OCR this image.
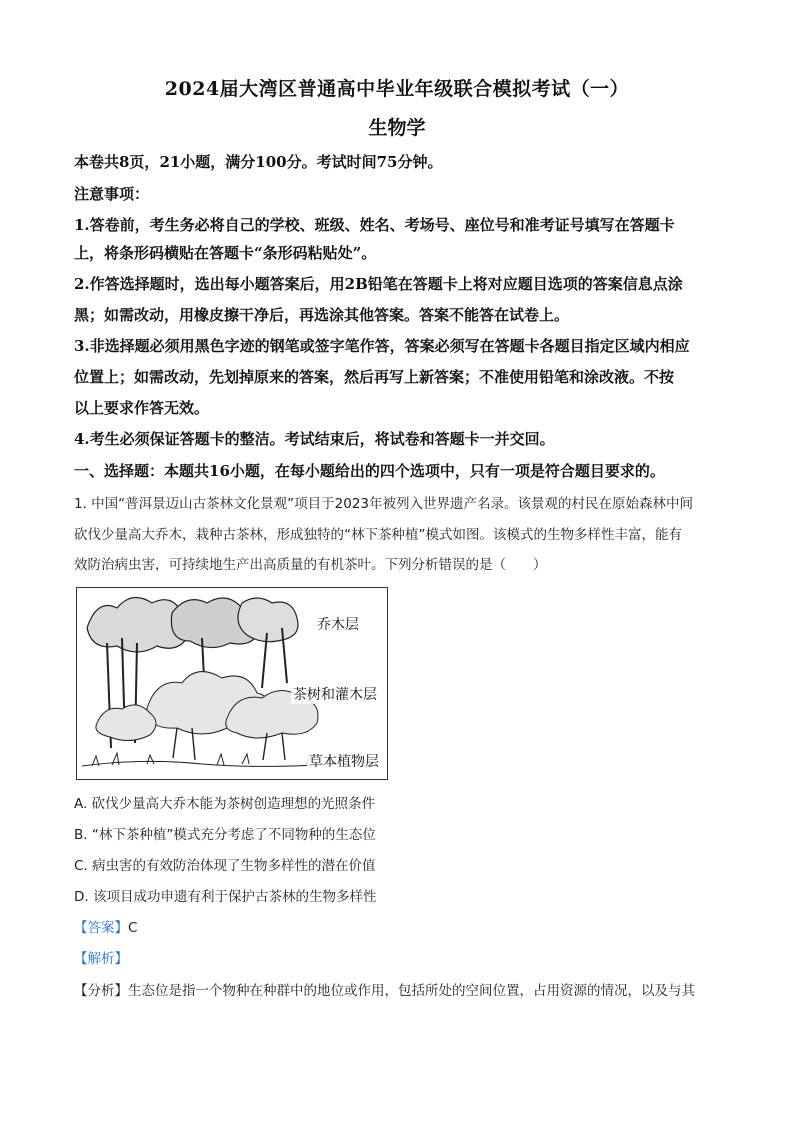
2024届大湾区普通高中毕业年级联合模拟考试（一）
生物学
本卷共8页，21小题，满分100分。考试时间75分钟。
注意事项：
1.答卷前，考生务必将自己的学校、班级、姓名、考场号、座位号和准考证号填写在答题卡
上，将条形码横贴在答题卡“条形码粘贴处”。
2.作答选择题时，选出每小题答案后，用2B铅笔在答题卡上将对应题目选项的答案信息点涂
黑；如需改动，用橡皮擦干净后，再选涂其他答案。答案不能答在试卷上。
3.非选择题必须用黑色字迹的钢笔或签字笔作答，答案必须写在答题卡各题目指定区域内相应
位置上；如需改动，先划掉原来的答案，然后再写上新答案；不准使用铅笔和涂改液。不按
以上要求作答无效。
4.考生必须保证答题卡的整洁。考试结束后，将试卷和答题卡一并交回。
一、选择题：本题共16小题，在每小题给出的四个选项中，只有一项是符合题目要求的。
1. 中国“普洱景迈山古茶林文化景观”项目于2023年被列入世界遗产名录。该景观的村民在原始森林中间
砍伐少量高大乔木，栽种古茶林，形成独特的“林下茶种植”模式如图。该模式的生物多样性丰富，能有
效防治病虫害，可持续地生产出高质量的有机茶叶。下列分析错误的是（　　）
乔木层
茶树和灌木层
草本植物层
A. 砍伐少量高大乔木能为茶树创造理想的光照条件
B. “林下茶种植”模式充分考虑了不同物种的生态位
C. 病虫害的有效防治体现了生物多样性的潜在价值
D. 该项目成功申遗有利于保护古茶林的生物多样性
【答案】C
【解析】
【分析】生态位是指一个物种在种群中的地位或作用，包括所处的空间位置，占用资源的情况，以及与其
